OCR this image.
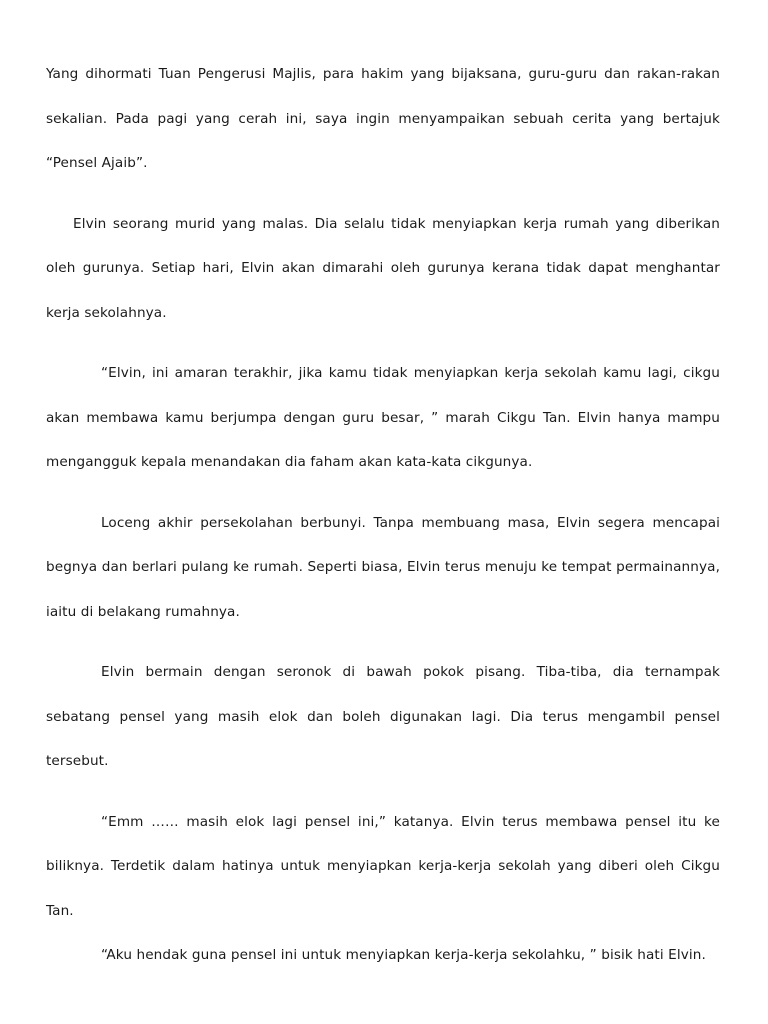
Yang dihormati Tuan Pengerusi Majlis, para hakim yang bijaksana, guru-guru dan rakan-rakan sekalian. Pada pagi yang cerah ini, saya ingin menyampaikan sebuah cerita yang bertajuk “Pensel Ajaib”.

Elvin seorang murid yang malas. Dia selalu tidak menyiapkan kerja rumah yang diberikan oleh gurunya. Setiap hari, Elvin akan dimarahi oleh gurunya kerana tidak dapat menghantar kerja sekolahnya.

“Elvin, ini amaran terakhir, jika kamu tidak menyiapkan kerja sekolah kamu lagi, cikgu akan membawa kamu berjumpa dengan guru besar, ” marah Cikgu Tan. Elvin hanya mampu mengangguk kepala menandakan dia faham akan kata-kata cikgunya.

Loceng akhir persekolahan berbunyi. Tanpa membuang masa, Elvin segera mencapai begnya dan berlari pulang ke rumah. Seperti biasa, Elvin terus menuju ke tempat permainannya, iaitu di belakang rumahnya.

Elvin bermain dengan seronok di bawah pokok pisang. Tiba-tiba, dia ternampak sebatang pensel yang masih elok dan boleh digunakan lagi. Dia terus mengambil pensel tersebut.

“Emm …… masih elok lagi pensel ini,” katanya. Elvin terus membawa pensel itu ke biliknya. Terdetik dalam hatinya untuk menyiapkan kerja-kerja sekolah yang diberi oleh Cikgu Tan.

“Aku hendak guna pensel ini untuk menyiapkan kerja-kerja sekolahku, ” bisik hati Elvin.
